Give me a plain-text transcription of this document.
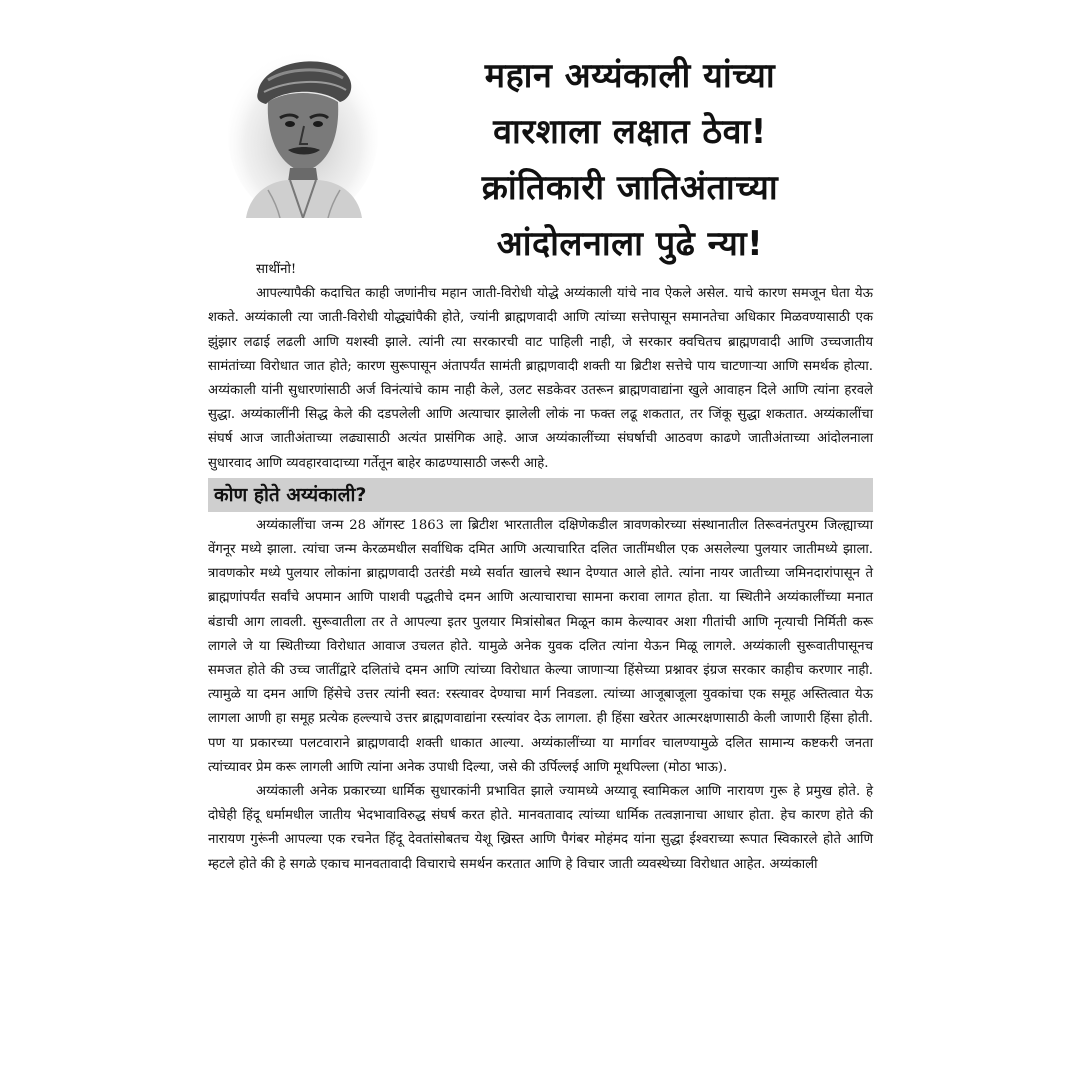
महान अय्यंकाली यांच्या
वारशाला लक्षात ठेवा!
क्रांतिकारी जातिअंताच्या
आंदोलनाला पुढे न्या!

साथींनो!

आपल्यापैकी कदाचित काही जणांनीच महान जाती-विरोधी योद्धे अय्यंकाली यांचे नाव ऐकले असेल. याचे कारण समजून घेता येऊ शकते. अय्यंकाली त्या जाती-विरोधी योद्ध्यांपैकी होते, ज्यांनी ब्राह्मणवादी आणि त्यांच्या सत्तेपासून समानतेचा अधिकार मिळवण्यासाठी एक झुंझार लढाई लढली आणि यशस्वी झाले. त्यांनी त्या सरकारची वाट पाहिली नाही, जे सरकार क्वचितच ब्राह्मणवादी आणि उच्चजातीय सामंतांच्या विरोधात जात होते; कारण सुरूपासून अंतापर्यंत सामंती ब्राह्मणवादी शक्ती या ब्रिटीश सत्तेचे पाय चाटणाऱ्या आणि समर्थक होत्या. अय्यंकाली यांनी सुधारणांसाठी अर्ज विनंत्यांचे काम नाही केले, उलट सडकेवर उतरून ब्राह्मणवाद्यांना खुले आवाहन दिले आणि त्यांना हरवले सुद्धा. अय्यंकालींनी सिद्ध केले की दडपलेली आणि अत्याचार झालेली लोकं ना फक्त लढू शकतात, तर जिंकू सुद्धा शकतात. अय्यंकालींचा संघर्ष आज जातीअंताच्या लढ्यासाठी अत्यंत प्रासंगिक आहे. आज अय्यंकालींच्या संघर्षाची आठवण काढणे जातीअंताच्या आंदोलनाला सुधारवाद आणि व्यवहारवादाच्या गर्तेतून बाहेर काढण्यासाठी जरूरी आहे.

कोण होते अय्यंकाली?

अय्यंकालींचा जन्म 28 ऑगस्ट 1863 ला ब्रिटीश भारतातील दक्षिणेकडील त्रावणकोरच्या संस्थानातील तिरूवनंतपुरम जिल्ह्याच्या वेंगनूर मध्ये झाला. त्यांचा जन्म केरळमधील सर्वाधिक दमित आणि अत्याचारित दलित जातींमधील एक असलेल्या पुलयार जातीमध्ये झाला. त्रावणकोर मध्ये पुलयार लोकांना ब्राह्मणवादी उतरंडी मध्ये सर्वात खालचे स्थान देण्यात आले होते. त्यांना नायर जातीच्या जमिनदारांपासून ते ब्राह्मणांपर्यंत सर्वांचे अपमान आणि पाशवी पद्धतीचे दमन आणि अत्याचाराचा सामना करावा लागत होता. या स्थितीने अय्यंकालींच्या मनात बंडाची आग लावली. सुरूवातीला तर ते आपल्या इतर पुलयार मित्रांसोबत मिळून काम केल्यावर अशा गीतांची आणि नृत्याची निर्मिती करू लागले जे या स्थितीच्या विरोधात आवाज उचलत होते. यामुळे अनेक युवक दलित त्यांना येऊन मिळू लागले. अय्यंकाली सुरूवातीपासूनच समजत होते की उच्च जातींद्वारे दलितांचे दमन आणि त्यांच्या विरोधात केल्या जाणाऱ्या हिंसेच्या प्रश्नावर इंग्रज सरकार काहीच करणार नाही. त्यामुळे या दमन आणि हिंसेचे उत्तर त्यांनी स्वत: रस्त्यावर देण्याचा मार्ग निवडला. त्यांच्या आजूबाजूला युवकांचा एक समूह अस्तित्वात येऊ लागला आणी हा समूह प्रत्येक हल्ल्याचे उत्तर ब्राह्मणवाद्यांना रस्त्यांवर देऊ लागला. ही हिंसा खरेतर आत्मरक्षणासाठी केली जाणारी हिंसा होती. पण या प्रकारच्या पलटवाराने ब्राह्मणवादी शक्ती धाकात आल्या. अय्यंकालींच्या या मार्गावर चालण्यामुळे दलित सामान्य कष्टकरी जनता त्यांच्यावर प्रेम करू लागली आणि त्यांना अनेक उपाधी दिल्या, जसे की उर्पिल्लई आणि मूथपिल्ला (मोठा भाऊ).

अय्यंकाली अनेक प्रकारच्या धार्मिक सुधारकांनी प्रभावित झाले ज्यामध्ये अय्यावू स्वामिकल आणि नारायण गुरू हे प्रमुख होते. हे दोघेही हिंदू धर्मामधील जातीय भेदभावाविरुद्ध संघर्ष करत होते. मानवतावाद त्यांच्या धार्मिक तत्वज्ञानाचा आधार होता. हेच कारण होते की नारायण गुरूंनी आपल्या एक रचनेत हिंदू देवतांसोबतच येशू ख्रिस्त आणि पैगंबर मोहंमद यांना सुद्धा ईश्वराच्या रूपात स्विकारले होते आणि म्हटले होते की हे सगळे एकाच मानवतावादी विचाराचे समर्थन करतात आणि हे विचार जाती व्यवस्थेच्या विरोधात आहेत. अय्यंकाली
